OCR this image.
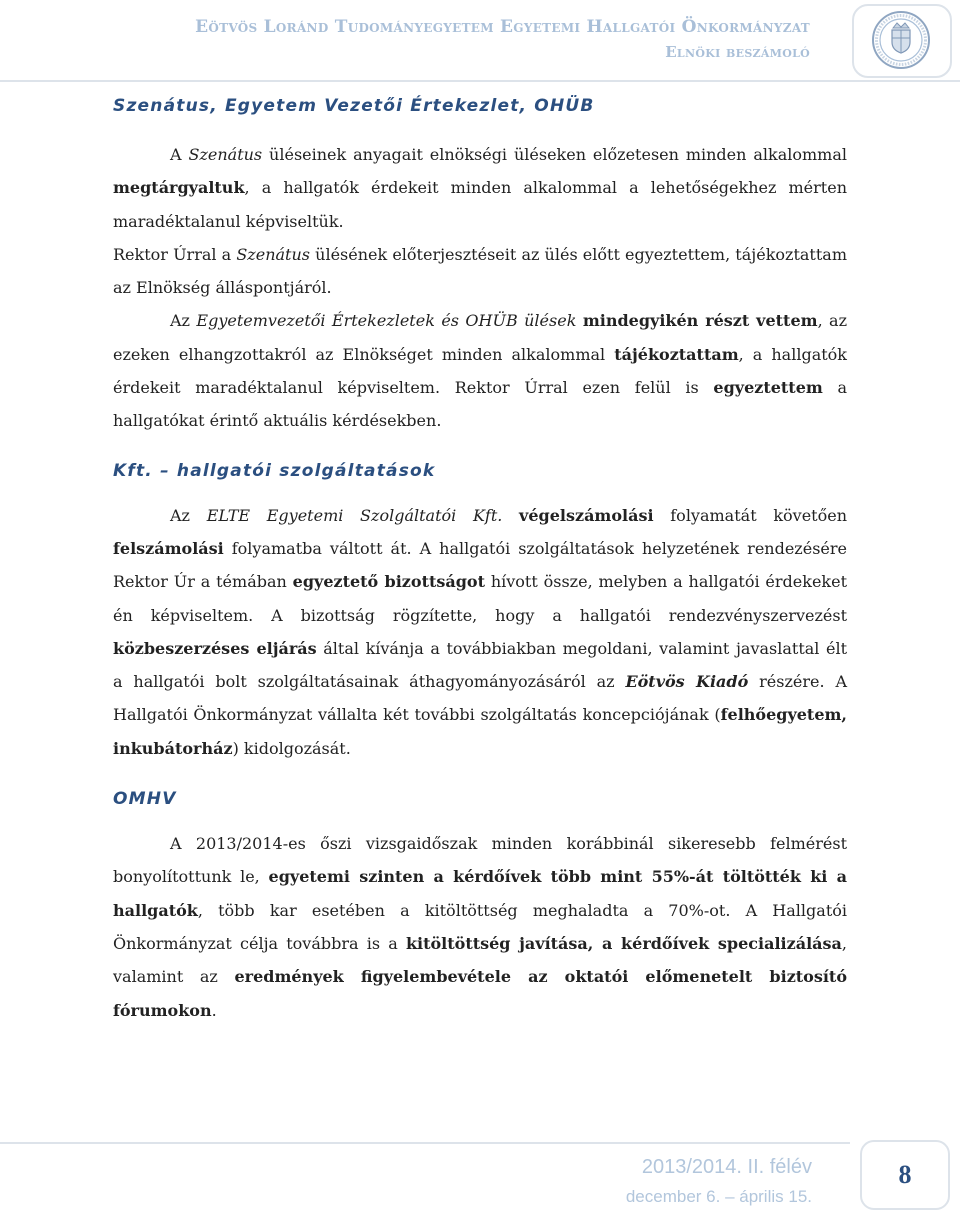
Eötvös Loránd Tudományegyetem Egyetemi Hallgatói Önkormányzat
Elnöki beszámoló
Szenátus, Egyetem Vezetői Értekezlet, OHÜB

A Szenátus üléseinek anyagait elnökségi üléseken előzetesen minden alkalommal megtárgyaltuk, a hallgatók érdekeit minden alkalommal a lehetőségekhez mérten maradéktalanul képviseltük.

Rektor Úrral a Szenátus ülésének előterjesztéseit az ülés előtt egyeztettem, tájékoztattam az Elnökség álláspontjáról.

Az Egyetemvezetői Értekezletek és OHÜB ülések mindegyikén részt vettem, az ezeken elhangzottakról az Elnökséget minden alkalommal tájékoztattam, a hallgatók érdekeit maradéktalanul képviseltem. Rektor Úrral ezen felül is egyeztettem a hallgatókat érintő aktuális kérdésekben.

Kft. – hallgatói szolgáltatások

Az ELTE Egyetemi Szolgáltatói Kft. végelszámolási folyamatát követően felszámolási folyamatba váltott át. A hallgatói szolgáltatások helyzetének rendezésére Rektor Úr a témában egyeztető bizottságot hívott össze, melyben a hallgatói érdekeket én képviseltem. A bizottság rögzítette, hogy a hallgatói rendezvényszervezést közbeszerzéses eljárás által kívánja a továbbiakban megoldani, valamint javaslattal élt a hallgatói bolt szolgáltatásainak áthagyományozásáról az Eötvös Kiadó részére. A Hallgatói Önkormányzat vállalta két további szolgáltatás koncepciójának (felhőegyetem, inkubátorház) kidolgozását.

OMHV

A 2013/2014-es őszi vizsgaidőszak minden korábbinál sikeresebb felmérést bonyolítottunk le, egyetemi szinten a kérdőívek több mint 55%-át töltötték ki a hallgatók, több kar esetében a kitöltöttség meghaladta a 70%-ot. A Hallgatói Önkormányzat célja továbbra is a kitöltöttség javítása, a kérdőívek specializálása, valamint az eredmények figyelembevétele az oktatói előmenetelt biztosító fórumokon.

2013/2014. II. félév
december 6. – április 15.
8
